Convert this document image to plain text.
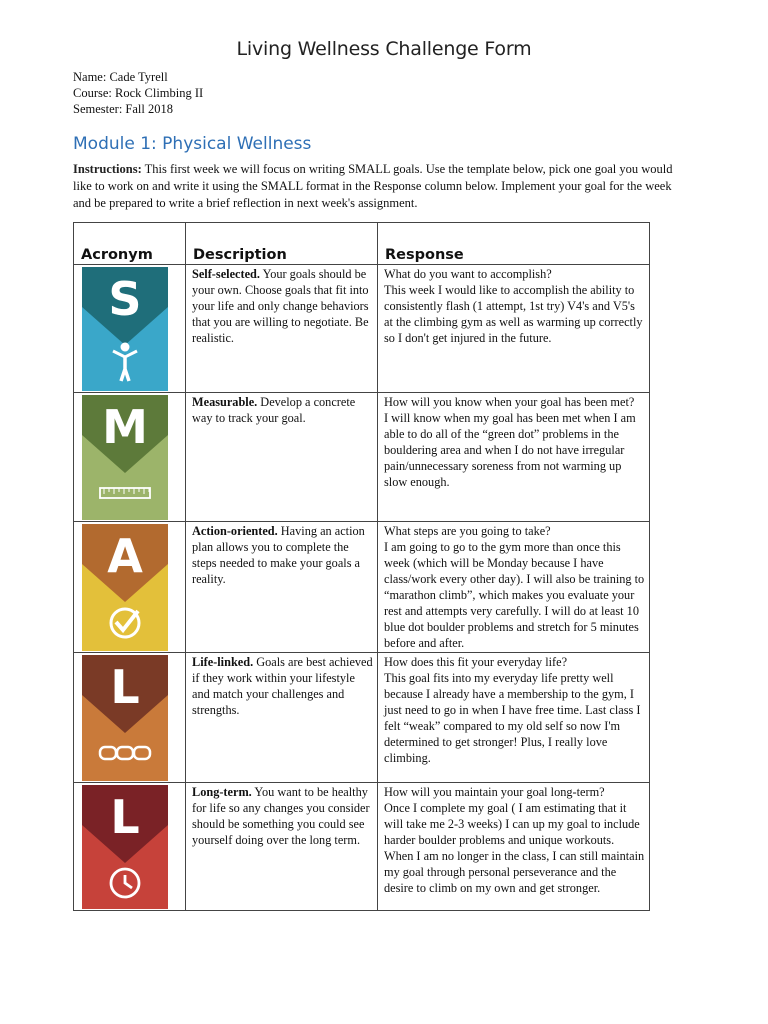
Living Wellness Challenge Form
Name: Cade Tyrell
Course: Rock Climbing II
Semester: Fall 2018
Module 1: Physical Wellness
Instructions: This first week we will focus on writing SMALL goals. Use the template below, pick one goal you would like to work on and write it using the SMALL format in the Response column below. Implement your goal for the week and be prepared to write a brief reflection in next week's assignment.
Acronym	Description	Response

S	Self-selected. Your goals should be your own. Choose goals that fit into your life and only change behaviors that you are willing to negotiate. Be realistic.	What do you want to accomplish?
This week I would like to accomplish the ability to consistently flash (1 attempt, 1st try) V4's and V5's at the climbing gym as well as warming up correctly so I don't get injured in the future.

M	Measurable. Develop a concrete way to track your goal.	How will you know when your goal has been met?
I will know when my goal has been met when I am able to do all of the “green dot” problems in the bouldering area and when I do not have irregular pain/unnecessary soreness from not warming up slow enough.

A	Action-oriented. Having an action plan allows you to complete the steps needed to make your goals a reality.	What steps are you going to take?
I am going to go to the gym more than once this week (which will be Monday because I have class/work every other day). I will also be training to “marathon climb”, which makes you evaluate your rest and attempts very carefully. I will do at least 10 blue dot boulder problems and stretch for 5 minutes before and after.

L	Life-linked. Goals are best achieved if they work within your lifestyle and match your challenges and strengths.	How does this fit your everyday life?
This goal fits into my everyday life pretty well because I already have a membership to the gym, I just need to go in when I have free time. Last class I felt “weak” compared to my old self so now I'm determined to get stronger! Plus, I really love climbing.

L	Long-term. You want to be healthy for life so any changes you consider should be something you could see yourself doing over the long term.	How will you maintain your goal long-term?
Once I complete my goal ( I am estimating that it will take me 2-3 weeks) I can up my goal to include harder boulder problems and unique workouts. When I am no longer in the class, I can still maintain my goal through personal perseverance and the desire to climb on my own and get stronger.
